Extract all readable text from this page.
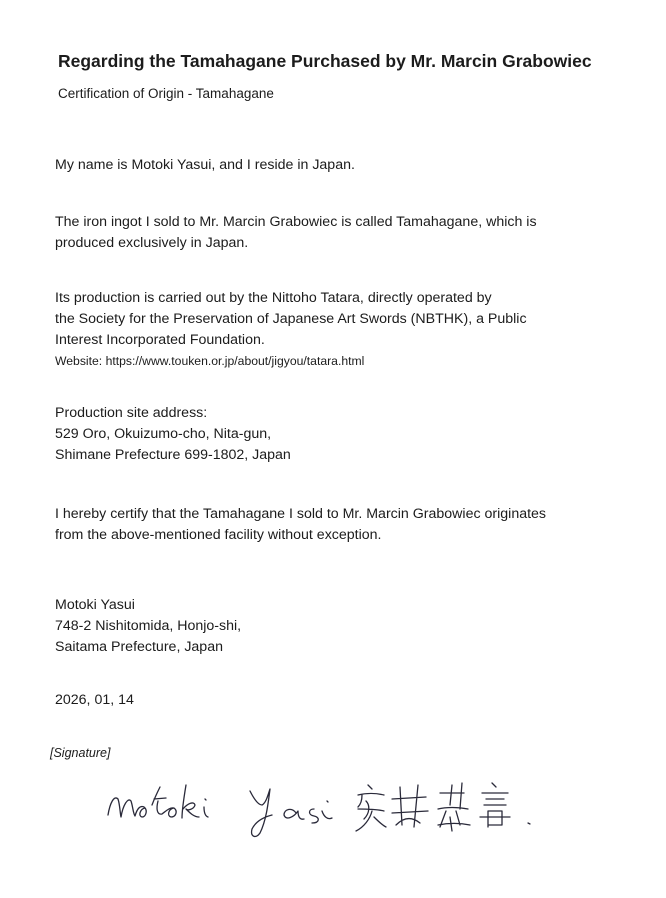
Regarding the Tamahagane Purchased by Mr. Marcin Grabowiec
Certification of Origin - Tamahagane
My name is Motoki Yasui, and I reside in Japan.
The iron ingot I sold to Mr. Marcin Grabowiec is called Tamahagane, which is
produced exclusively in Japan.
Its production is carried out by the Nittoho Tatara, directly operated by
the Society for the Preservation of Japanese Art Swords (NBTHK), a Public
Interest Incorporated Foundation.
Website: https://www.touken.or.jp/about/jigyou/tatara.html
Production site address:
529 Oro, Okuizumo-cho, Nita-gun,
Shimane Prefecture 699-1802, Japan
I hereby certify that the Tamahagane I sold to Mr. Marcin Grabowiec originates
from the above-mentioned facility without exception.
Motoki Yasui
748-2 Nishitomida, Honjo-shi,
Saitama Prefecture, Japan
2026, 01, 14
[Signature]
